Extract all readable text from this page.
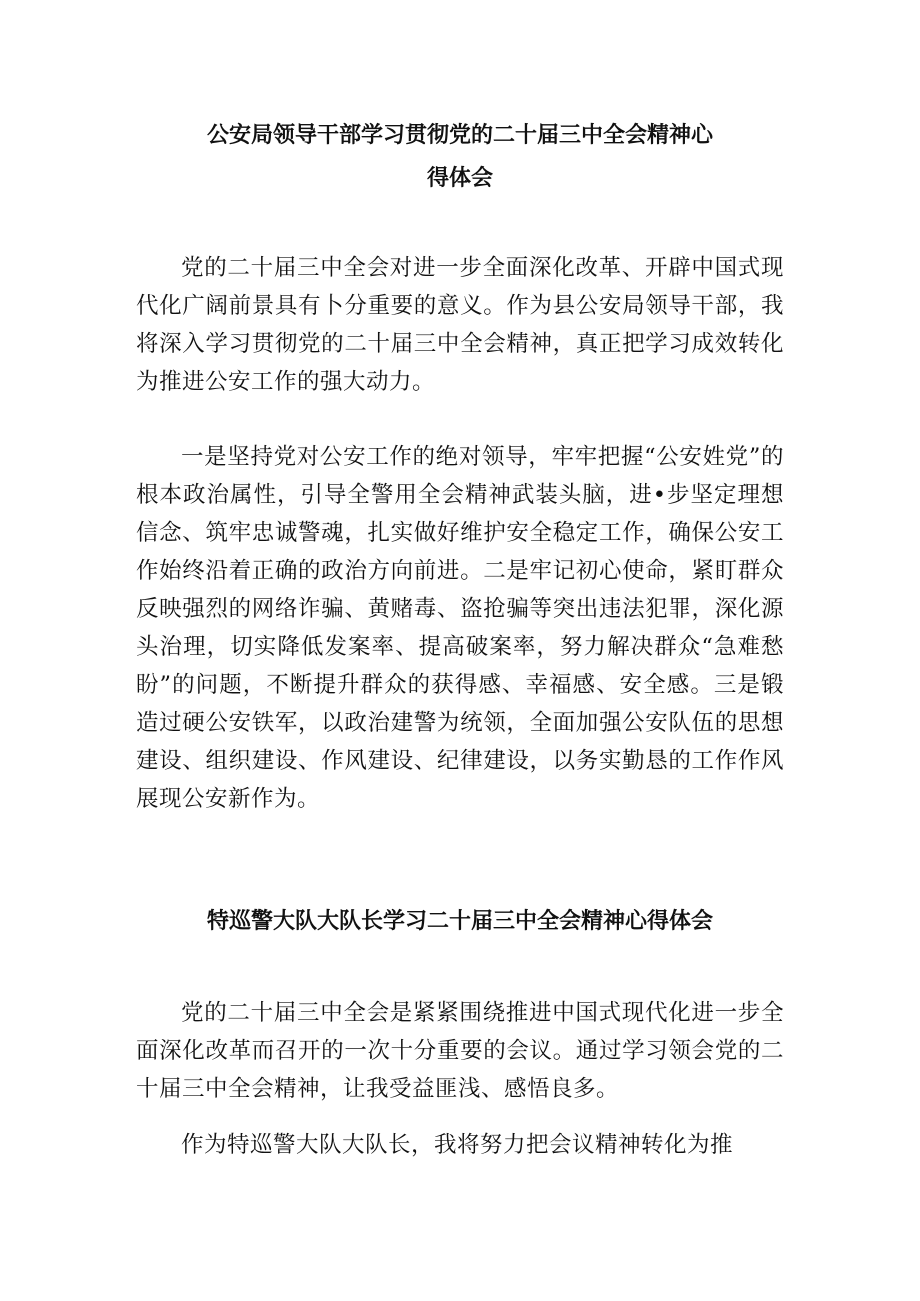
公安局领导干部学习贯彻党的二十届三中全会精神心
得体会

党的二十届三中全会对进一步全面深化改革、开辟中国式现代化广阔前景具有卜分重要的意义。作为县公安局领导干部，我将深入学习贯彻党的二十届三中全会精神，真正把学习成效转化为推进公安工作的强大动力。

一是坚持党对公安工作的绝对领导，牢牢把握“公安姓党”的根本政治属性，引导全警用全会精神武装头脑，进•步坚定理想信念、筑牢忠诚警魂，扎实做好维护安全稳定工作，确保公安工作始终沿着正确的政治方向前进。二是牢记初心使命，紧盯群众反映强烈的网络诈骗、黄赌毒、盗抢骗等突出违法犯罪，深化源头治理，切实降低发案率、提高破案率，努力解决群众“急难愁盼”的问题，不断提升群众的获得感、幸福感、安全感。三是锻造过硬公安铁军，以政治建警为统领，全面加强公安队伍的思想建设、组织建设、作风建设、纪律建设，以务实勤恳的工作作风展现公安新作为。

特巡警大队大队长学习二十届三中全会精神心得体会

党的二十届三中全会是紧紧围绕推进中国式现代化进一步全面深化改革而召开的一次十分重要的会议。通过学习领会党的二十届三中全会精神，让我受益匪浅、感悟良多。

作为特巡警大队大队长，我将努力把会议精神转化为推
